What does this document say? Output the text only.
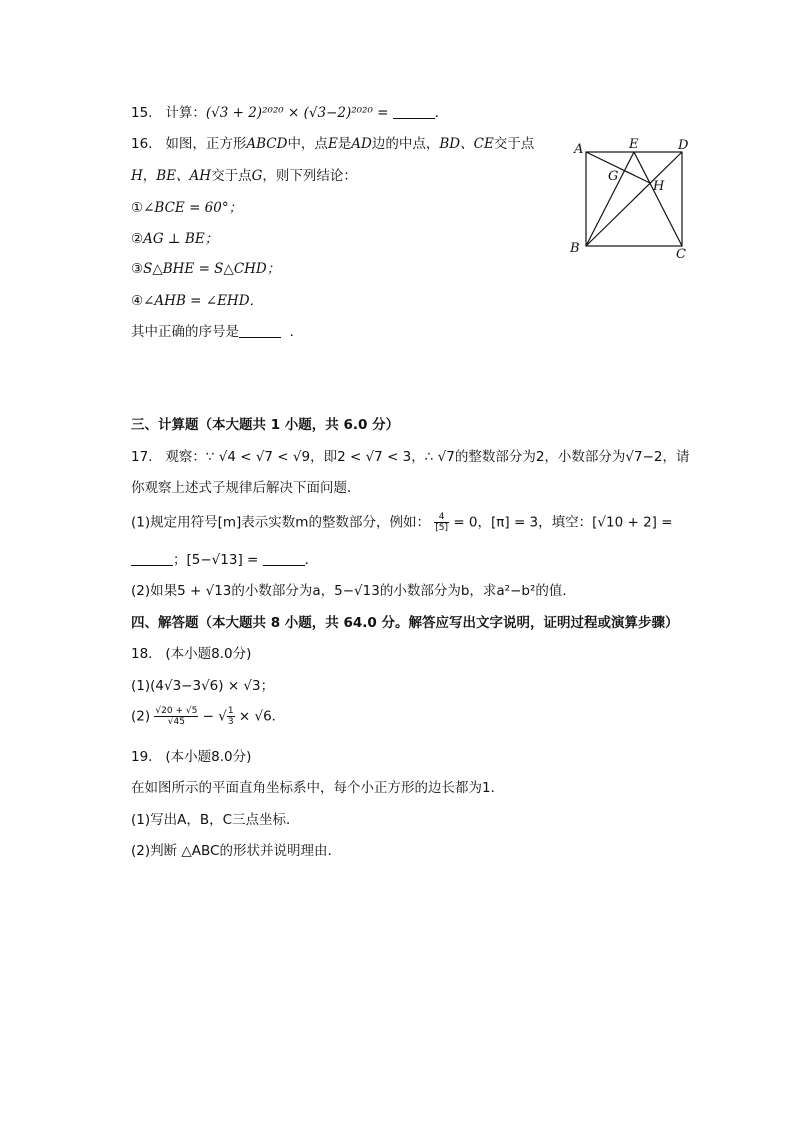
15. 计算：(√3 + 2)²⁰²⁰ × (√3−2)²⁰²⁰ =	．
16. 如图，正方形ABCD中，点E是AD边的中点，BD、CE交于点
H，BE、AH交于点G，则下列结论：
①∠BCE = 60°；
②AG ⊥ BE；
③S△BHE = S△CHD；
④∠AHB = ∠EHD．
其中正确的序号是	．
A	E	D
G
H
B	C
三、计算题（本大题共 1 小题，共 6.0 分）
17. 观察：∵ √4 < √7 < √9，即2 < √7 < 3，∴ √7的整数部分为2，小数部分为√7−2，请
你观察上述式子规律后解决下面问题．
(1)规定用符号[m]表示实数m的整数部分，例如： $\frac{4}{[5]} = 0$，[π] = 3，填空：[√10 + 2] =
；[5−√13] =	．
(2)如果5 + √13的小数部分为a，5−√13的小数部分为b，求a²−b²的值．
四、解答题（本大题共 8 小题，共 64.0 分。解答应写出文字说明，证明过程或演算步骤）
18. (本小题8.0分)
(1)(4√3−3√6) × √3；
$(2) \frac{√20 + √5}{√45}$ − √ $\frac{1}{3} \times √6$．
19. (本小题8.0分)
在如图所示的平面直角坐标系中，每个小正方形的边长都为1．
(1)写出A，B，C三点坐标．
(2)判断 △ABC的形状并说明理由．
